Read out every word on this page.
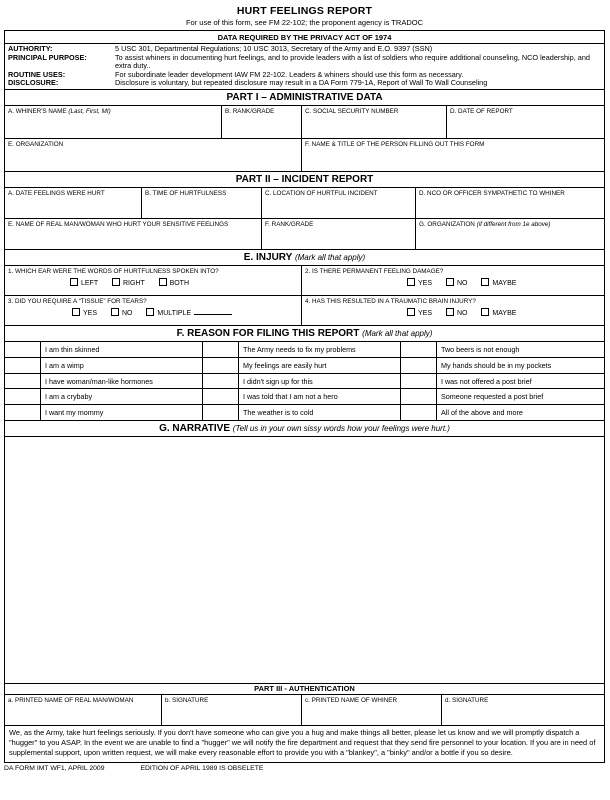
HURT FEELINGS REPORT
For use of this form, see FM 22-102; the proponent agency is TRADOC
DATA REQUIRED BY THE PRIVACY ACT OF 1974
AUTHORITY:	5 USC 301, Departmental Regulations; 10 USC 3013, Secretary of the Army and E.O. 9397 (SSN)
PRINCIPAL PURPOSE:	To assist whiners in documenting hurt feelings, and to provide leaders with a list of soldiers who require additional counseling, NCO leadership, and extra duty..
ROUTINE USES:	For subordinate leader development IAW FM 22-102. Leaders & whiners should use this form as necessary.
DISCLOSURE:	Disclosure is voluntary, but repeated disclosure may result in a DA Form 779-1A, Report of Wall To Wall Counseling
PART I – ADMINISTRATIVE DATA
A. WHINER'S NAME (Last, First, MI)	B. RANK/GRADE	C. SOCIAL SECURITY NUMBER	D. DATE OF REPORT
E. ORGANIZATION	F. NAME & TITLE OF THE PERSON FILLING OUT THIS FORM
PART II – INCIDENT REPORT
A. DATE FEELINGS WERE HURT	B. TIME OF HURTFULNESS	C. LOCATION OF HURTFUL INCIDENT	D. NCO OR OFFICER SYMPATHETIC TO WHINER
E. NAME OF REAL MAN/WOMAN WHO HURT YOUR SENSITIVE FEELINGS	F. RANK/GRADE	G. ORGANIZATION (if different from 1e above)
E. INJURY (Mark all that apply)
1. WHICH EAR WERE THE WORDS OF HURTFULNESS SPOKEN INTO?
LEFT	RIGHT	BOTH
2. IS THERE PERMANENT FEELING DAMAGE?
YES	NO	MAYBE
3. DID YOU REQUIRE A “TISSUE” FOR TEARS?
YES	NO	MULTIPLE
4. HAS THIS RESULTED IN A TRAUMATIC BRAIN INJURY?
YES	NO	MAYBE
F. REASON FOR FILING THIS REPORT (Mark all that apply)
I am thin skinned	The Army needs to fix my problems	Two beers is not enough
I am a wimp	My feelings are easily hurt	My hands should be in my pockets
I have woman/man-like hormones	I didn't sign up for this	I was not offered a post brief
I am a crybaby	I was told that I am not a hero	Someone requested a post brief
I want my mommy	The weather is to cold	All of the above and more
G. NARRATIVE (Tell us in your own sissy words how your feelings were hurt.)
PART III - AUTHENTICATION
a. PRINTED NAME OF REAL MAN/WOMAN	b. SIGNATURE	c. PRINTED NAME OF WHINER	d. SIGNATURE
We, as the Army, take hurt feelings seriously. If you don't have someone who can give you a hug and make things all better, please let us know and we will promptly dispatch a "hugger" to you ASAP. In the event we are unable to find a "hugger" we will notify the fire department and request that they send fire personnel to your location. If you are in need of supplemental support, upon written request, we will make every reasonable effort to provide you with a "blankey", a "binky" and/or a bottle if you so desire.
DA FORM IMT WF1, APRIL 2009	EDITION OF APRIL 1989 IS OBSELETE
